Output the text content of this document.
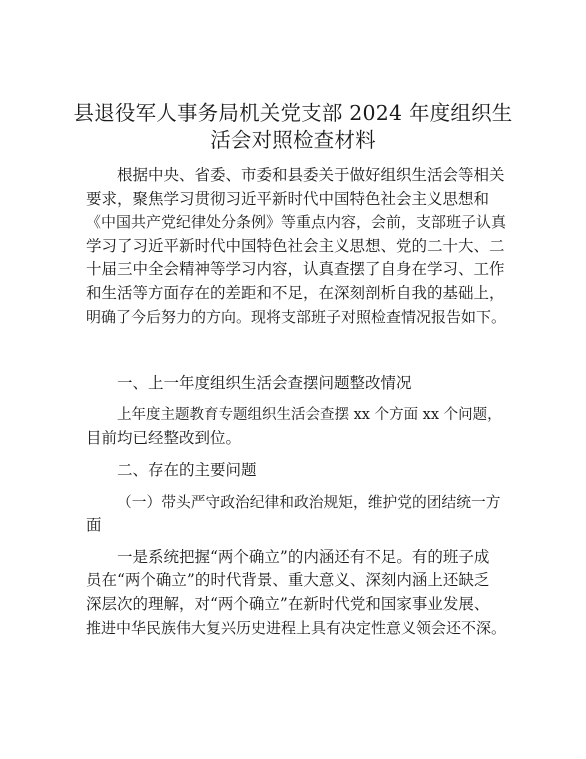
县退役军人事务局机关党支部 2024 年度组织生
活会对照检查材料
根据中央、省委、市委和县委关于做好组织生活会等相关
要求，聚焦学习贯彻习近平新时代中国特色社会主义思想和
《中国共产党纪律处分条例》等重点内容，会前，支部班子认真
学习了习近平新时代中国特色社会主义思想、党的二十大、二
十届三中全会精神等学习内容，认真查摆了自身在学习、工作
和生活等方面存在的差距和不足，在深刻剖析自我的基础上，
明确了今后努力的方向。现将支部班子对照检查情况报告如下。
一、上一年度组织生活会查摆问题整改情况
上年度主题教育专题组织生活会查摆 xx 个方面 xx 个问题，
目前均已经整改到位。
二、存在的主要问题
（一）带头严守政治纪律和政治规矩，维护党的团结统一方
面
一是系统把握“两个确立”的内涵还有不足。有的班子成
员在“两个确立”的时代背景、重大意义、深刻内涵上还缺乏
深层次的理解，对“两个确立”在新时代党和国家事业发展、
推进中华民族伟大复兴历史进程上具有决定性意义领会还不深。
